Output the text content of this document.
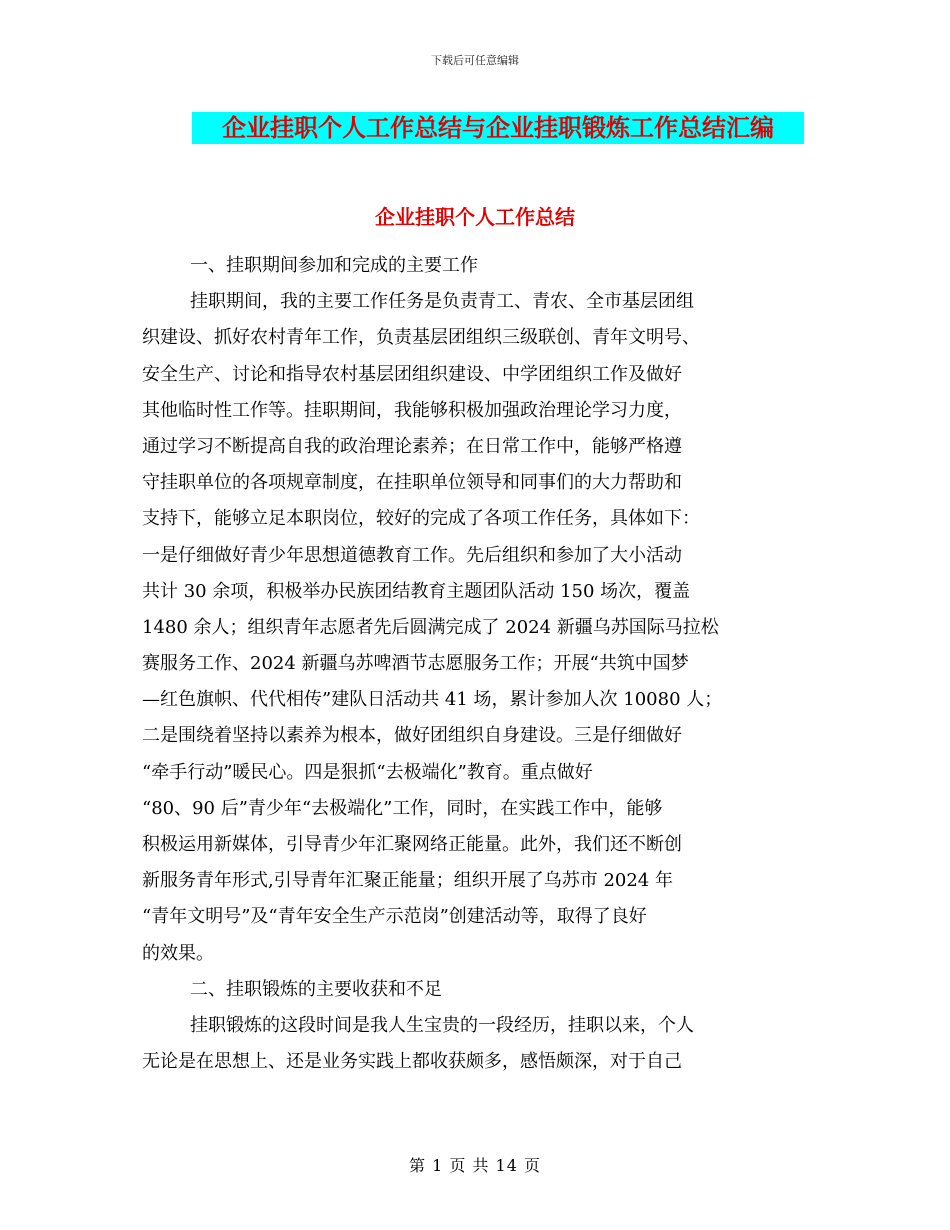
下载后可任意编辑
企业挂职个人工作总结与企业挂职锻炼工作总结汇编
企业挂职个人工作总结
一、挂职期间参加和完成的主要工作
挂职期间，我的主要工作任务是负责青工、青农、全市基层团组
织建设、抓好农村青年工作，负责基层团组织三级联创、青年文明号、
安全生产、讨论和指导农村基层团组织建设、中学团组织工作及做好
其他临时性工作等。挂职期间，我能够积极加强政治理论学习力度，
通过学习不断提高自我的政治理论素养；在日常工作中，能够严格遵
守挂职单位的各项规章制度，在挂职单位领导和同事们的大力帮助和
支持下，能够立足本职岗位，较好的完成了各项工作任务，具体如下：
一是仔细做好青少年思想道德教育工作。先后组织和参加了大小活动
共计 30 余项，积极举办民族团结教育主题团队活动 150 场次，覆盖
1480 余人；组织青年志愿者先后圆满完成了 2024 新疆乌苏国际马拉松
赛服务工作、2024 新疆乌苏啤酒节志愿服务工作；开展“共筑中国梦
—红色旗帜、代代相传”建队日活动共 41 场，累计参加人次 10080 人；
二是围绕着坚持以素养为根本，做好团组织自身建设。三是仔细做好
“牵手行动”暖民心。四是狠抓“去极端化”教育。重点做好
“80、90 后”青少年“去极端化”工作，同时，在实践工作中，能够
积极运用新媒体，引导青少年汇聚网络正能量。此外，我们还不断创
新服务青年形式,引导青年汇聚正能量；组织开展了乌苏市 2024 年
“青年文明号”及“青年安全生产示范岗”创建活动等，取得了良好
的效果。
二、挂职锻炼的主要收获和不足
挂职锻炼的这段时间是我人生宝贵的一段经历，挂职以来，个人
无论是在思想上、还是业务实践上都收获颇多，感悟颇深，对于自己
第 1 页 共 14 页
